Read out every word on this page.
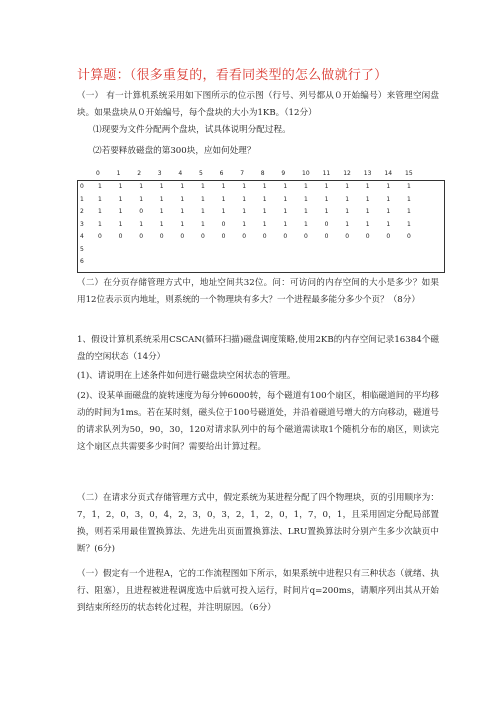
计算题：（很多重复的，看看同类型的怎么做就行了）
（一） 有一计算机系统采用如下图所示的位示图（行号、列号都从０开始编号）来管理空闲盘块。如果盘块从０开始编号，每个盘块的大小为1KB。（12分）
⑴现要为文件分配两个盘块，试具体说明分配过程。
⑵若要释放磁盘的第300块，应如何处理？
0	1	2	3	4	5	6	7	8	9	10 11 12 13 14 15
0 1	1	1	1	1	1	1	1	1	1	1	1	1	1	1	1
1 1	1	1	1	1	1	1	1	1	1	1	1	1	1	1	1
2 1	1	0	1	1	1	1	1	1	1	1	1	1	1	1	1
3 1	1	1	1	1	1	0	1	1	1	1	0	1	1	1	1
4 0	0	0	0	0	0	0	0	0	0	0	0	0	0	0	0
5
6
（二）在分页存储管理方式中，地址空间共32位。问：可访问的内存空间的大小是多少？如果用12位表示页内地址，则系统的一个物理块有多大？一个进程最多能分多少个页？（8分）
1、假设计算机系统采用CSCAN(循环扫描)磁盘调度策略,使用2KB的内存空间记录16384个磁盘的空闲状态（14分）
(1)、请说明在上述条件如何进行磁盘块空闲状态的管理。
(2)、设某单面磁盘的旋转速度为每分钟6000转，每个磁道有100个扇区，相临磁道间的平均移动的时间为1ms。若在某时刻，磁头位于100号磁道处，并沿着磁道号增大的方向移动，磁道号的请求队列为50，90，30，120对请求队列中的每个磁道需读取1个随机分布的扇区，则读完这个扇区点共需要多少时间？需要给出计算过程。
（二）在请求分页式存储管理方式中，假定系统为某进程分配了四个物理块，页的引用顺序为：7，1，2，0，3，0，4，2，3，0，3，2，1，2，0，1，7，0，1，且采用固定分配局部置换，则若采用最佳置换算法、先进先出页面置换算法、LRU置换算法时分别产生多少次缺页中断？(6分)
（一）假定有一个进程A，它的工作流程图如下所示，如果系统中进程只有三种状态（就绪、执行、阻塞），且进程被进程调度选中后就可投入运行，时间片q=200ms，请顺序列出其从开始到结束所经历的状态转化过程，并注明原因。（6分）
